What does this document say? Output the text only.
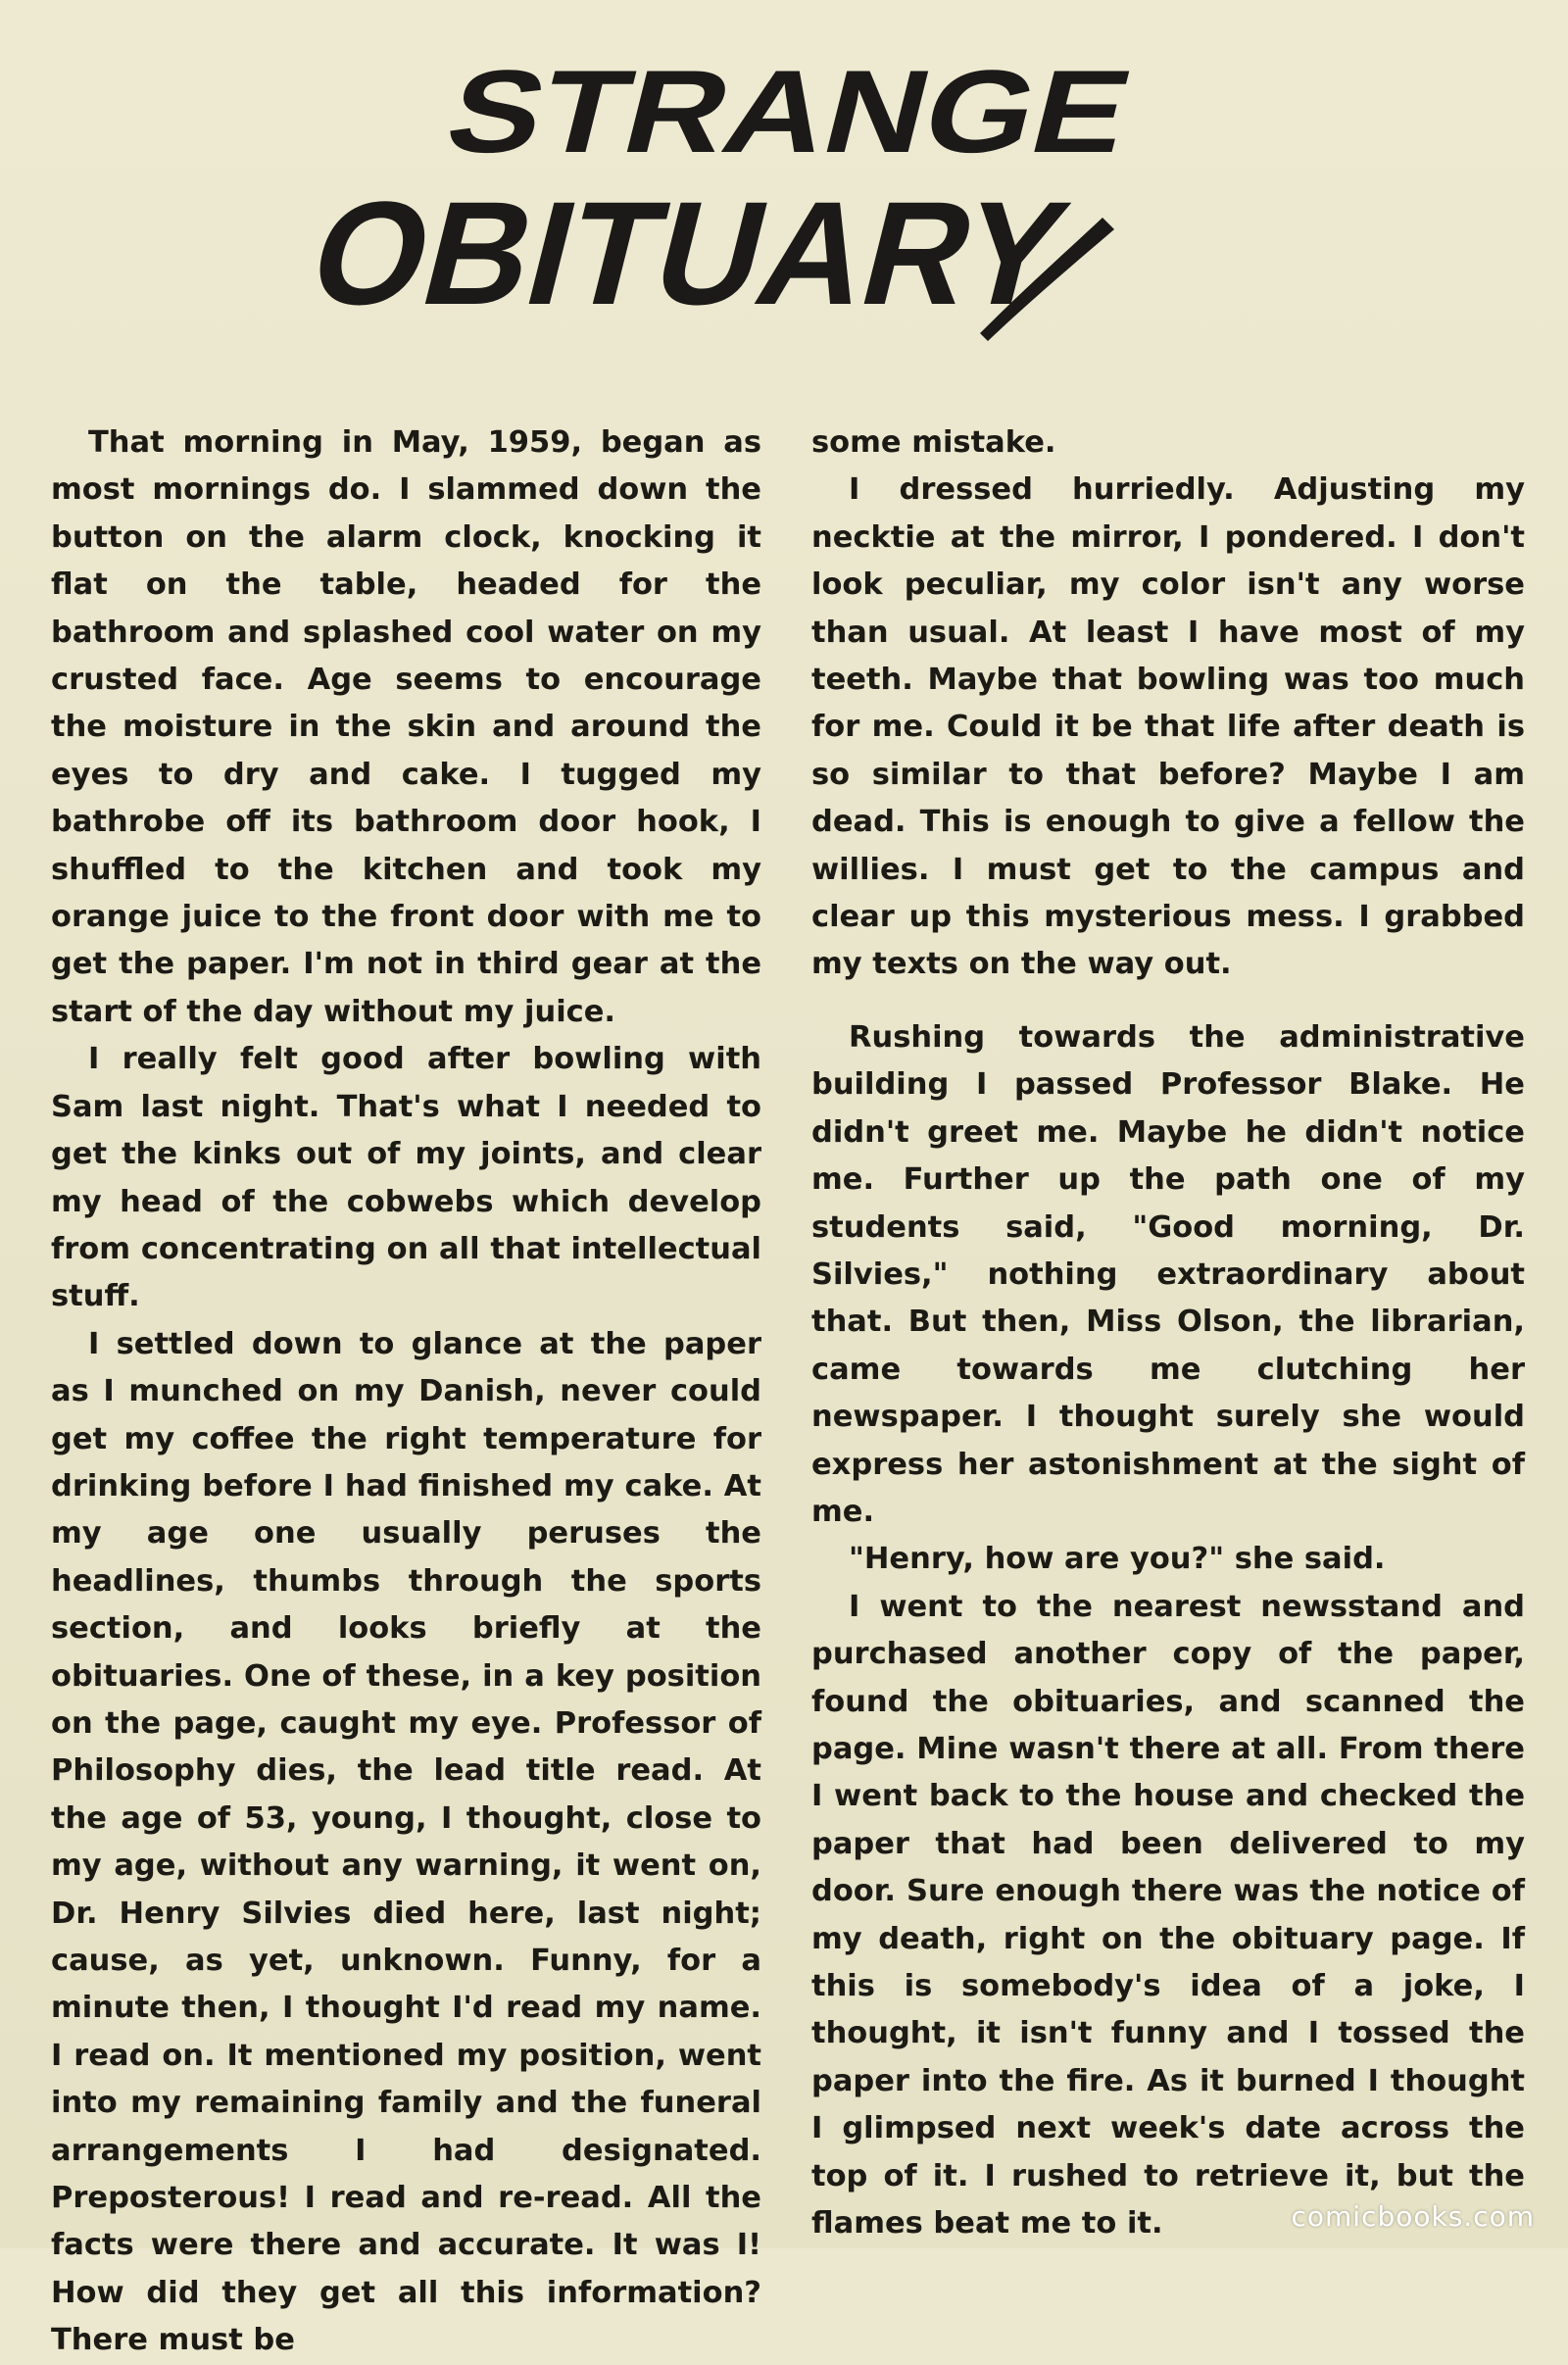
STRANGE
OBITUARY

That morning in May, 1959, began as most mornings do. I slammed down the button on the alarm clock, knocking it flat on the table, headed for the bathroom and splashed cool water on my crusted face. Age seems to encourage the moisture in the skin and around the eyes to dry and cake. I tugged my bathrobe off its bathroom door hook, I shuffled to the kitchen and took my orange juice to the front door with me to get the paper. I'm not in third gear at the start of the day without my juice.

I really felt good after bowling with Sam last night. That's what I needed to get the kinks out of my joints, and clear my head of the cobwebs which develop from concentrating on all that intellectual stuff.

I settled down to glance at the paper as I munched on my Danish, never could get my coffee the right temperature for drinking before I had finished my cake. At my age one usually peruses the headlines, thumbs through the sports section, and looks briefly at the obituaries. One of these, in a key position on the page, caught my eye. Professor of Philosophy dies, the lead title read. At the age of 53, young, I thought, close to my age, without any warning, it went on, Dr. Henry Silvies died here, last night; cause, as yet, unknown. Funny, for a minute then, I thought I'd read my name. I read on. It mentioned my position, went into my remaining family and the funeral arrangements I had designated. Preposterous! I read and re-read. All the facts were there and accurate. It was I! How did they get all this information? There must be

some mistake.

I dressed hurriedly. Adjusting my necktie at the mirror, I pondered. I don't look peculiar, my color isn't any worse than usual. At least I have most of my teeth. Maybe that bowling was too much for me. Could it be that life after death is so similar to that before? Maybe I am dead. This is enough to give a fellow the willies. I must get to the campus and clear up this mysterious mess. I grabbed my texts on the way out.

Rushing towards the administrative building I passed Professor Blake. He didn't greet me. Maybe he didn't notice me. Further up the path one of my students said, "Good morning, Dr. Silvies," nothing extraordinary about that. But then, Miss Olson, the librarian, came towards me clutching her newspaper. I thought surely she would express her astonishment at the sight of me.

"Henry, how are you?" she said.

I went to the nearest newsstand and purchased another copy of the paper, found the obituaries, and scanned the page. Mine wasn't there at all. From there I went back to the house and checked the paper that had been delivered to my door. Sure enough there was the notice of my death, right on the obituary page. If this is somebody's idea of a joke, I thought, it isn't funny and I tossed the paper into the fire. As it burned I thought I glimpsed next week's date across the top of it. I rushed to retrieve it, but the flames beat me to it.	comicbooks.com
